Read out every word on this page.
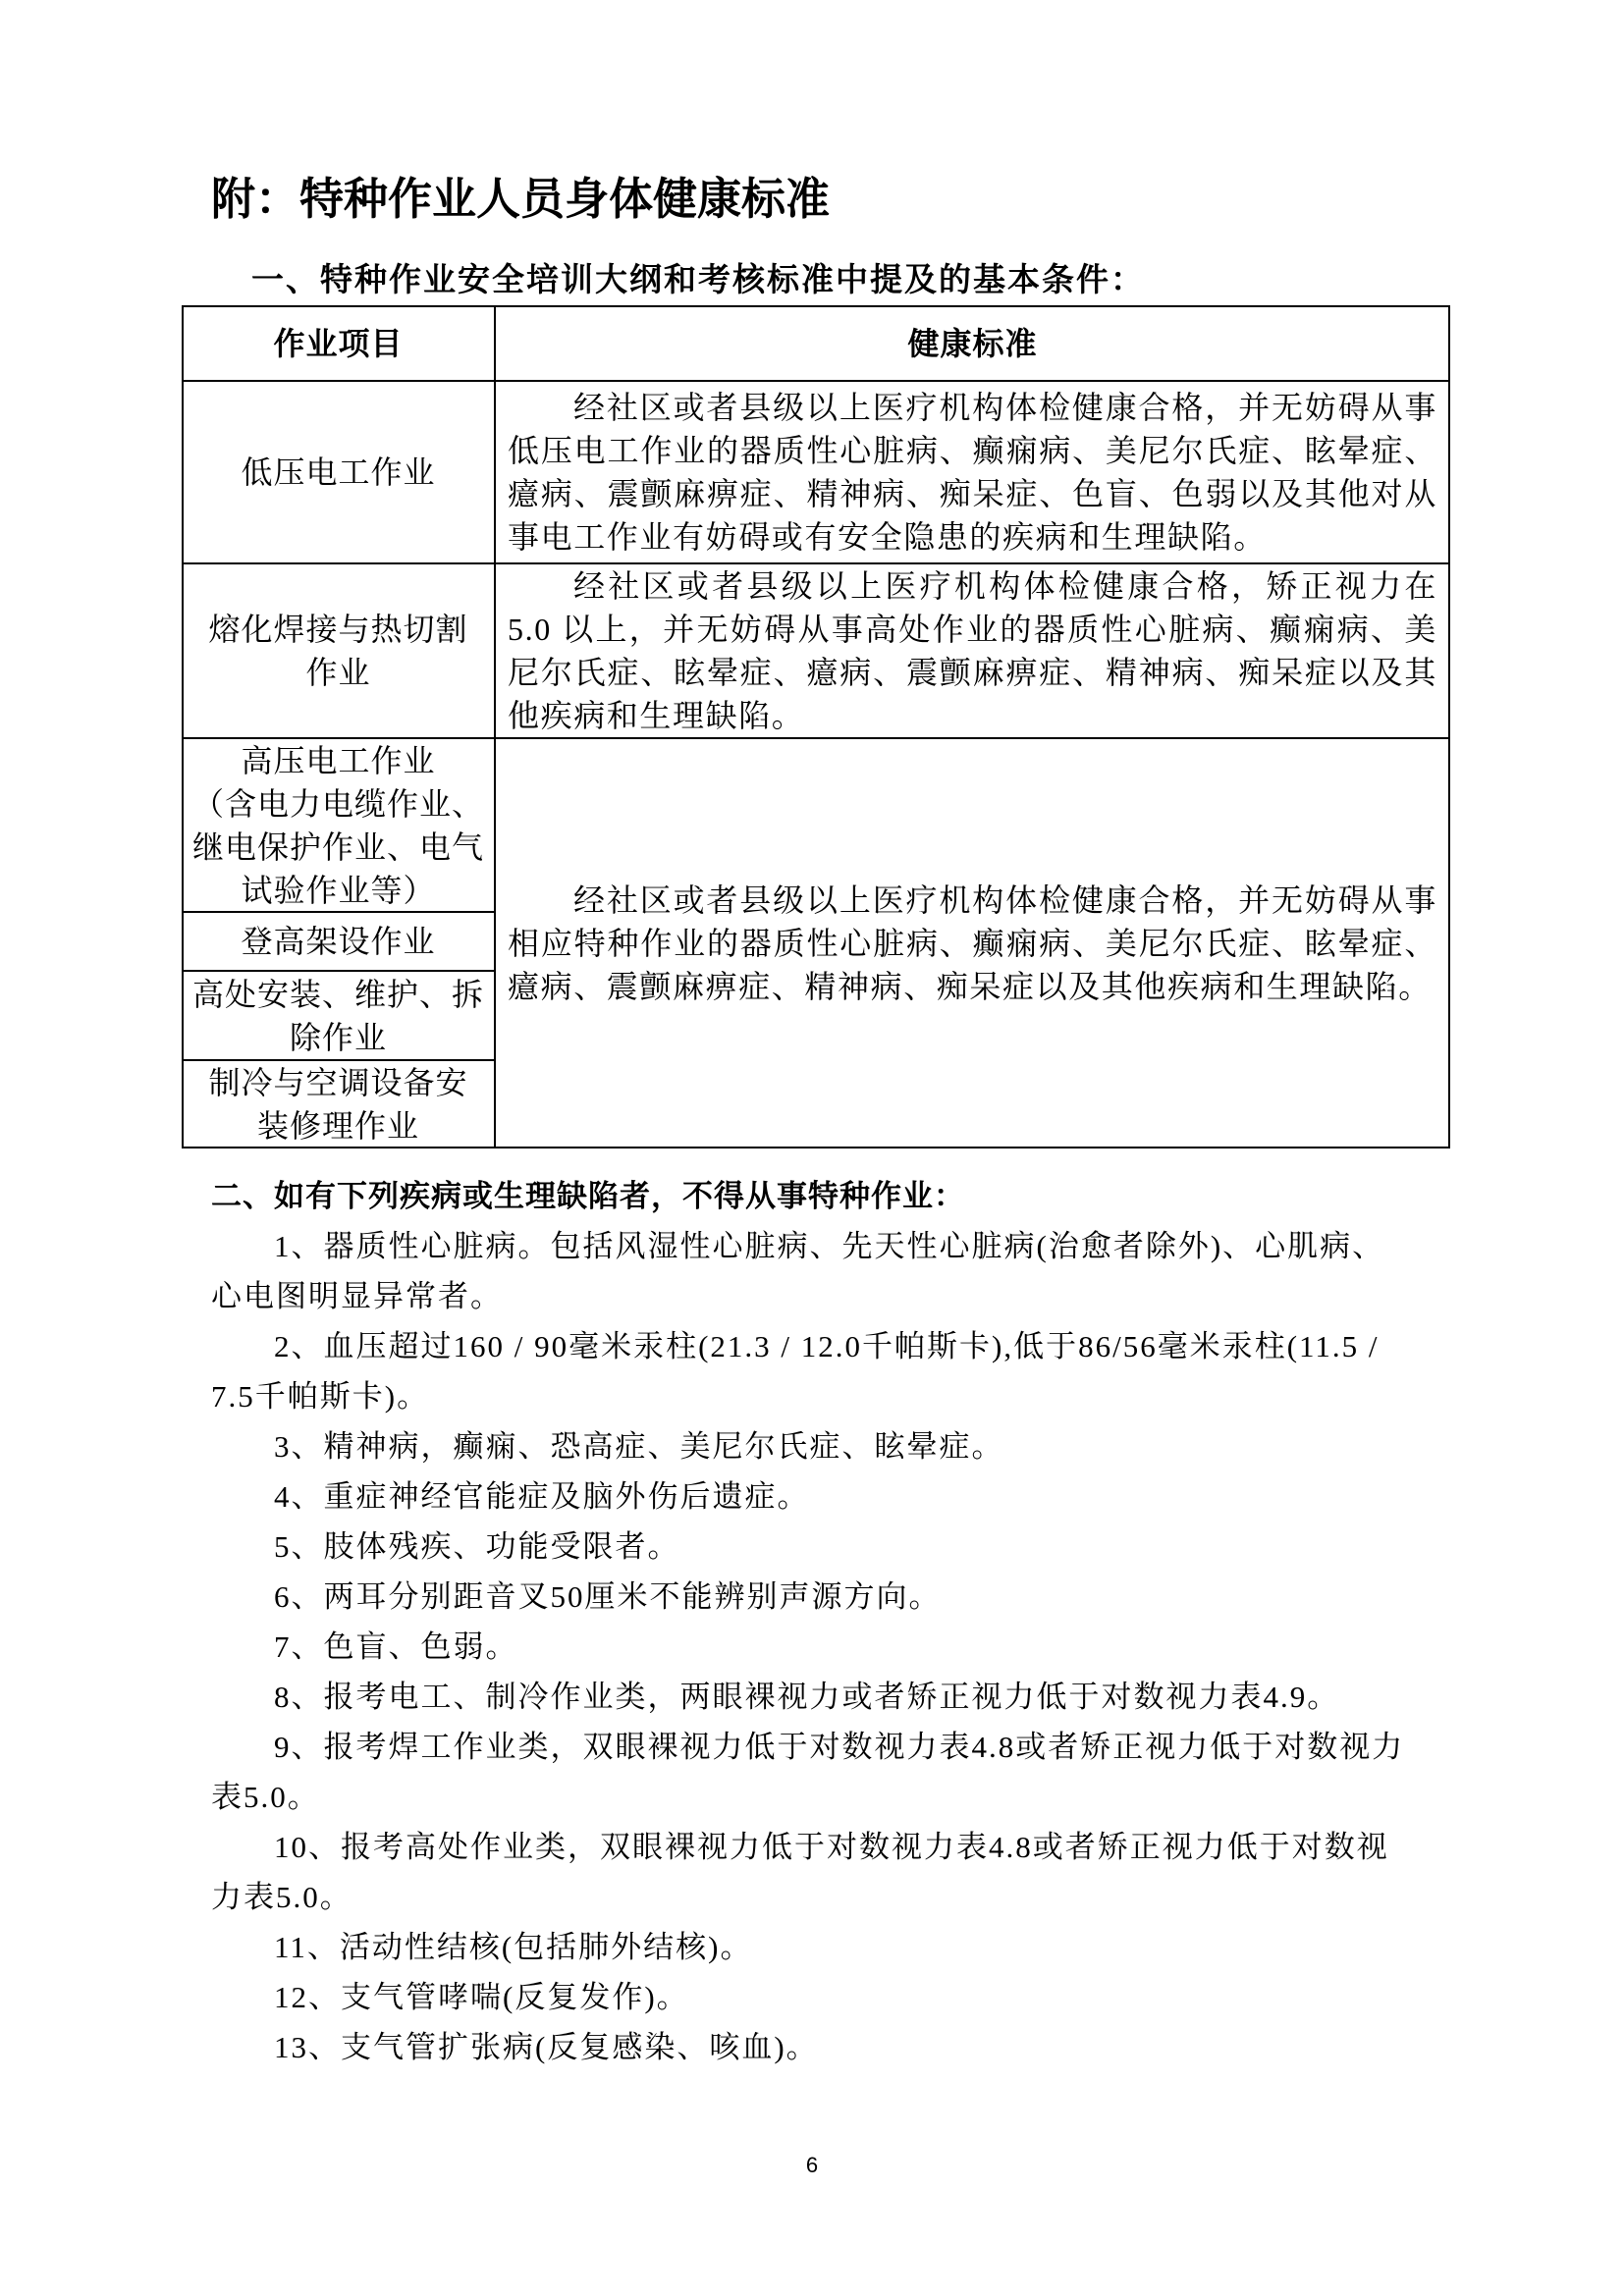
附：特种作业人员身体健康标准
一、特种作业安全培训大纲和考核标准中提及的基本条件：
作业项目	健康标准
低压电工作业

经社区或者县级以上医疗机构体检健康合格，并无妨碍从事低压电工作业的器质性心脏病、癫痫病、美尼尔氏症、眩晕症、癔病、震颤麻痹症、精神病、痴呆症、色盲、色弱以及其他对从事电工作业有妨碍或有安全隐患的疾病和生理缺陷。

熔化焊接与热切割
作业

经社区或者县级以上医疗机构体检健康合格，矫正视力在5.0 以上，并无妨碍从事高处作业的器质性心脏病、癫痫病、美尼尔氏症、眩晕症、癔病、震颤麻痹症、精神病、痴呆症以及其他疾病和生理缺陷。

高压电工作业
（含电力电缆作业、
继电保护作业、电气
试验作业等）
登高架设作业
高处安装、维护、拆
除作业
制冷与空调设备安
装修理作业

经社区或者县级以上医疗机构体检健康合格，并无妨碍从事相应特种作业的器质性心脏病、癫痫病、美尼尔氏症、眩晕症、癔病、震颤麻痹症、精神病、痴呆症以及其他疾病和生理缺陷。

二、如有下列疾病或生理缺陷者，不得从事特种作业：

1、器质性心脏病。包括风湿性心脏病、先天性心脏病(治愈者除外)、心肌病、心电图明显异常者。

2、血压超过160 / 90毫米汞柱(21.3 / 12.0千帕斯卡),低于86/56毫米汞柱(11.5 / 7.5千帕斯卡)。

3、精神病，癫痫、恐高症、美尼尔氏症、眩晕症。

4、重症神经官能症及脑外伤后遗症。

5、肢体残疾、功能受限者。

6、两耳分别距音叉50厘米不能辨别声源方向。

7、色盲、色弱。

8、报考电工、制冷作业类，两眼裸视力或者矫正视力低于对数视力表4.9。

9、报考焊工作业类，双眼裸视力低于对数视力表4.8或者矫正视力低于对数视力表5.0。

10、报考高处作业类，双眼裸视力低于对数视力表4.8或者矫正视力低于对数视力表5.0。

11、活动性结核(包括肺外结核)。

12、支气管哮喘(反复发作)。

13、支气管扩张病(反复感染、咳血)。

6
